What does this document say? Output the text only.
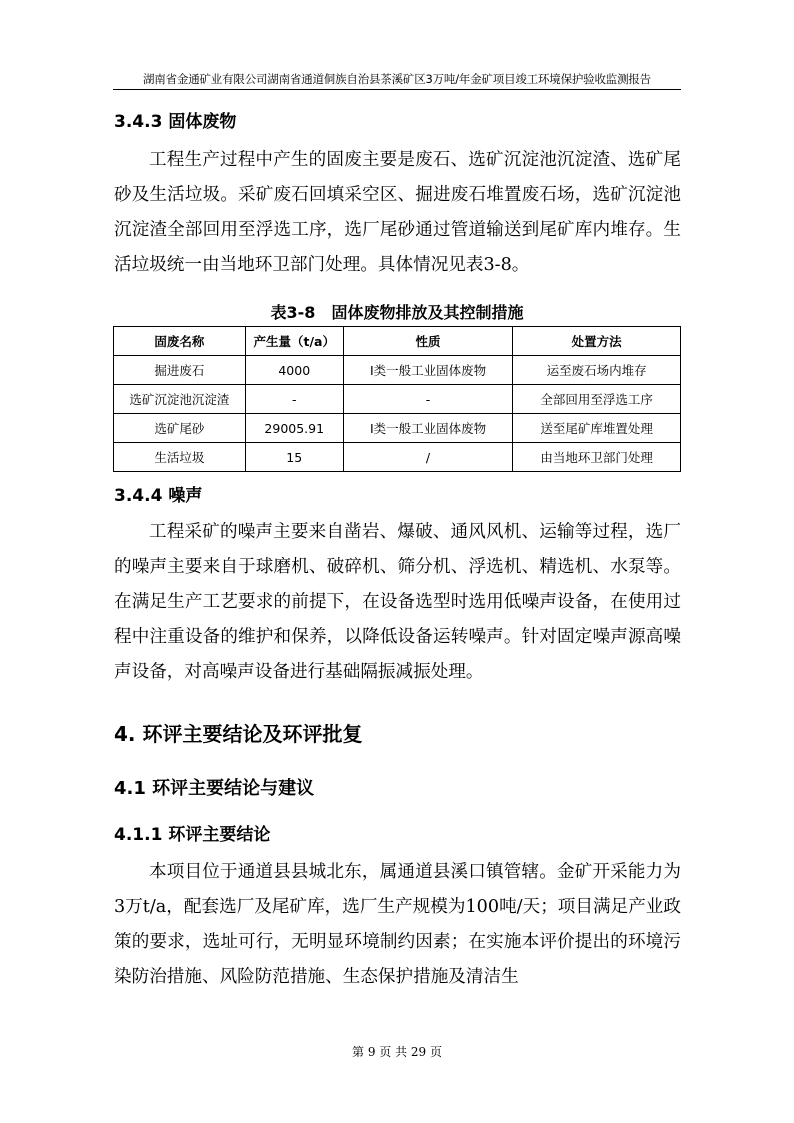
湖南省金通矿业有限公司湖南省通道侗族自治县茶溪矿区3万吨/年金矿项目竣工环境保护验收监测报告
3.4.3 固体废物

工程生产过程中产生的固废主要是废石、选矿沉淀池沉淀渣、选矿尾砂及生活垃圾。采矿废石回填采空区、掘进废石堆置废石场，选矿沉淀池沉淀渣全部回用至浮选工序，选厂尾砂通过管道输送到尾矿库内堆存。生活垃圾统一由当地环卫部门处理。具体情况见表3-8。

表3-8　固体废物排放及其控制措施
固废名称	产生量（t/a）	性质	处置方法
掘进废石	4000	Ⅰ类一般工业固体废物	运至废石场内堆存
选矿沉淀池沉淀渣	-	-	全部回用至浮选工序
选矿尾砂	29005.91	Ⅰ类一般工业固体废物	送至尾矿库堆置处理
生活垃圾	15	/	由当地环卫部门处理
3.4.4 噪声

工程采矿的噪声主要来自凿岩、爆破、通风风机、运输等过程，选厂的噪声主要来自于球磨机、破碎机、筛分机、浮选机、精选机、水泵等。在满足生产工艺要求的前提下，在设备选型时选用低噪声设备，在使用过程中注重设备的维护和保养，以降低设备运转噪声。针对固定噪声源高噪声设备，对高噪声设备进行基础隔振减振处理。

4. 环评主要结论及环评批复
4.1 环评主要结论与建议
4.1.1 环评主要结论

本项目位于通道县县城北东，属通道县溪口镇管辖。金矿开采能力为3万t/a，配套选厂及尾矿库，选厂生产规模为100吨/天；项目满足产业政策的要求，选址可行，无明显环境制约因素；在实施本评价提出的环境污染防治措施、风险防范措施、生态保护措施及清洁生

第 9 页 共 29 页
